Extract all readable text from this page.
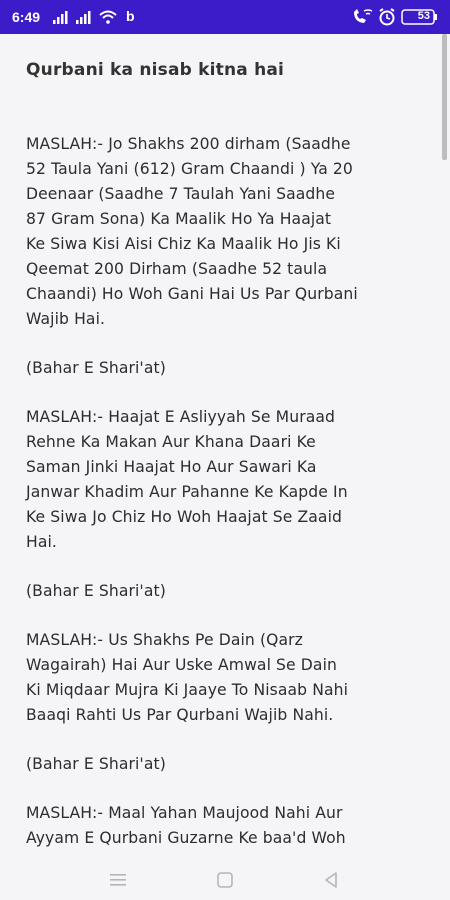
6:49	b	53
Qurbani ka nisab kitna hai

MASLAH:- Jo Shakhs 200 dirham (Saadhe
52 Taula Yani (612) Gram Chaandi ) Ya 20
Deenaar (Saadhe 7 Taulah Yani Saadhe
87 Gram Sona) Ka Maalik Ho Ya Haajat
Ke Siwa Kisi Aisi Chiz Ka Maalik Ho Jis Ki
Qeemat 200 Dirham (Saadhe 52 taula
Chaandi) Ho Woh Gani Hai Us Par Qurbani
Wajib Hai.

(Bahar E Shari'at)

MASLAH:- Haajat E Asliyyah Se Muraad
Rehne Ka Makan Aur Khana Daari Ke
Saman Jinki Haajat Ho Aur Sawari Ka
Janwar Khadim Aur Pahanne Ke Kapde In
Ke Siwa Jo Chiz Ho Woh Haajat Se Zaaid
Hai.

(Bahar E Shari'at)

MASLAH:- Us Shakhs Pe Dain (Qarz
Wagairah) Hai Aur Uske Amwal Se Dain
Ki Miqdaar Mujra Ki Jaaye To Nisaab Nahi
Baaqi Rahti Us Par Qurbani Wajib Nahi.

(Bahar E Shari'at)

MASLAH:- Maal Yahan Maujood Nahi Aur
Ayyam E Qurbani Guzarne Ke baa'd Woh
